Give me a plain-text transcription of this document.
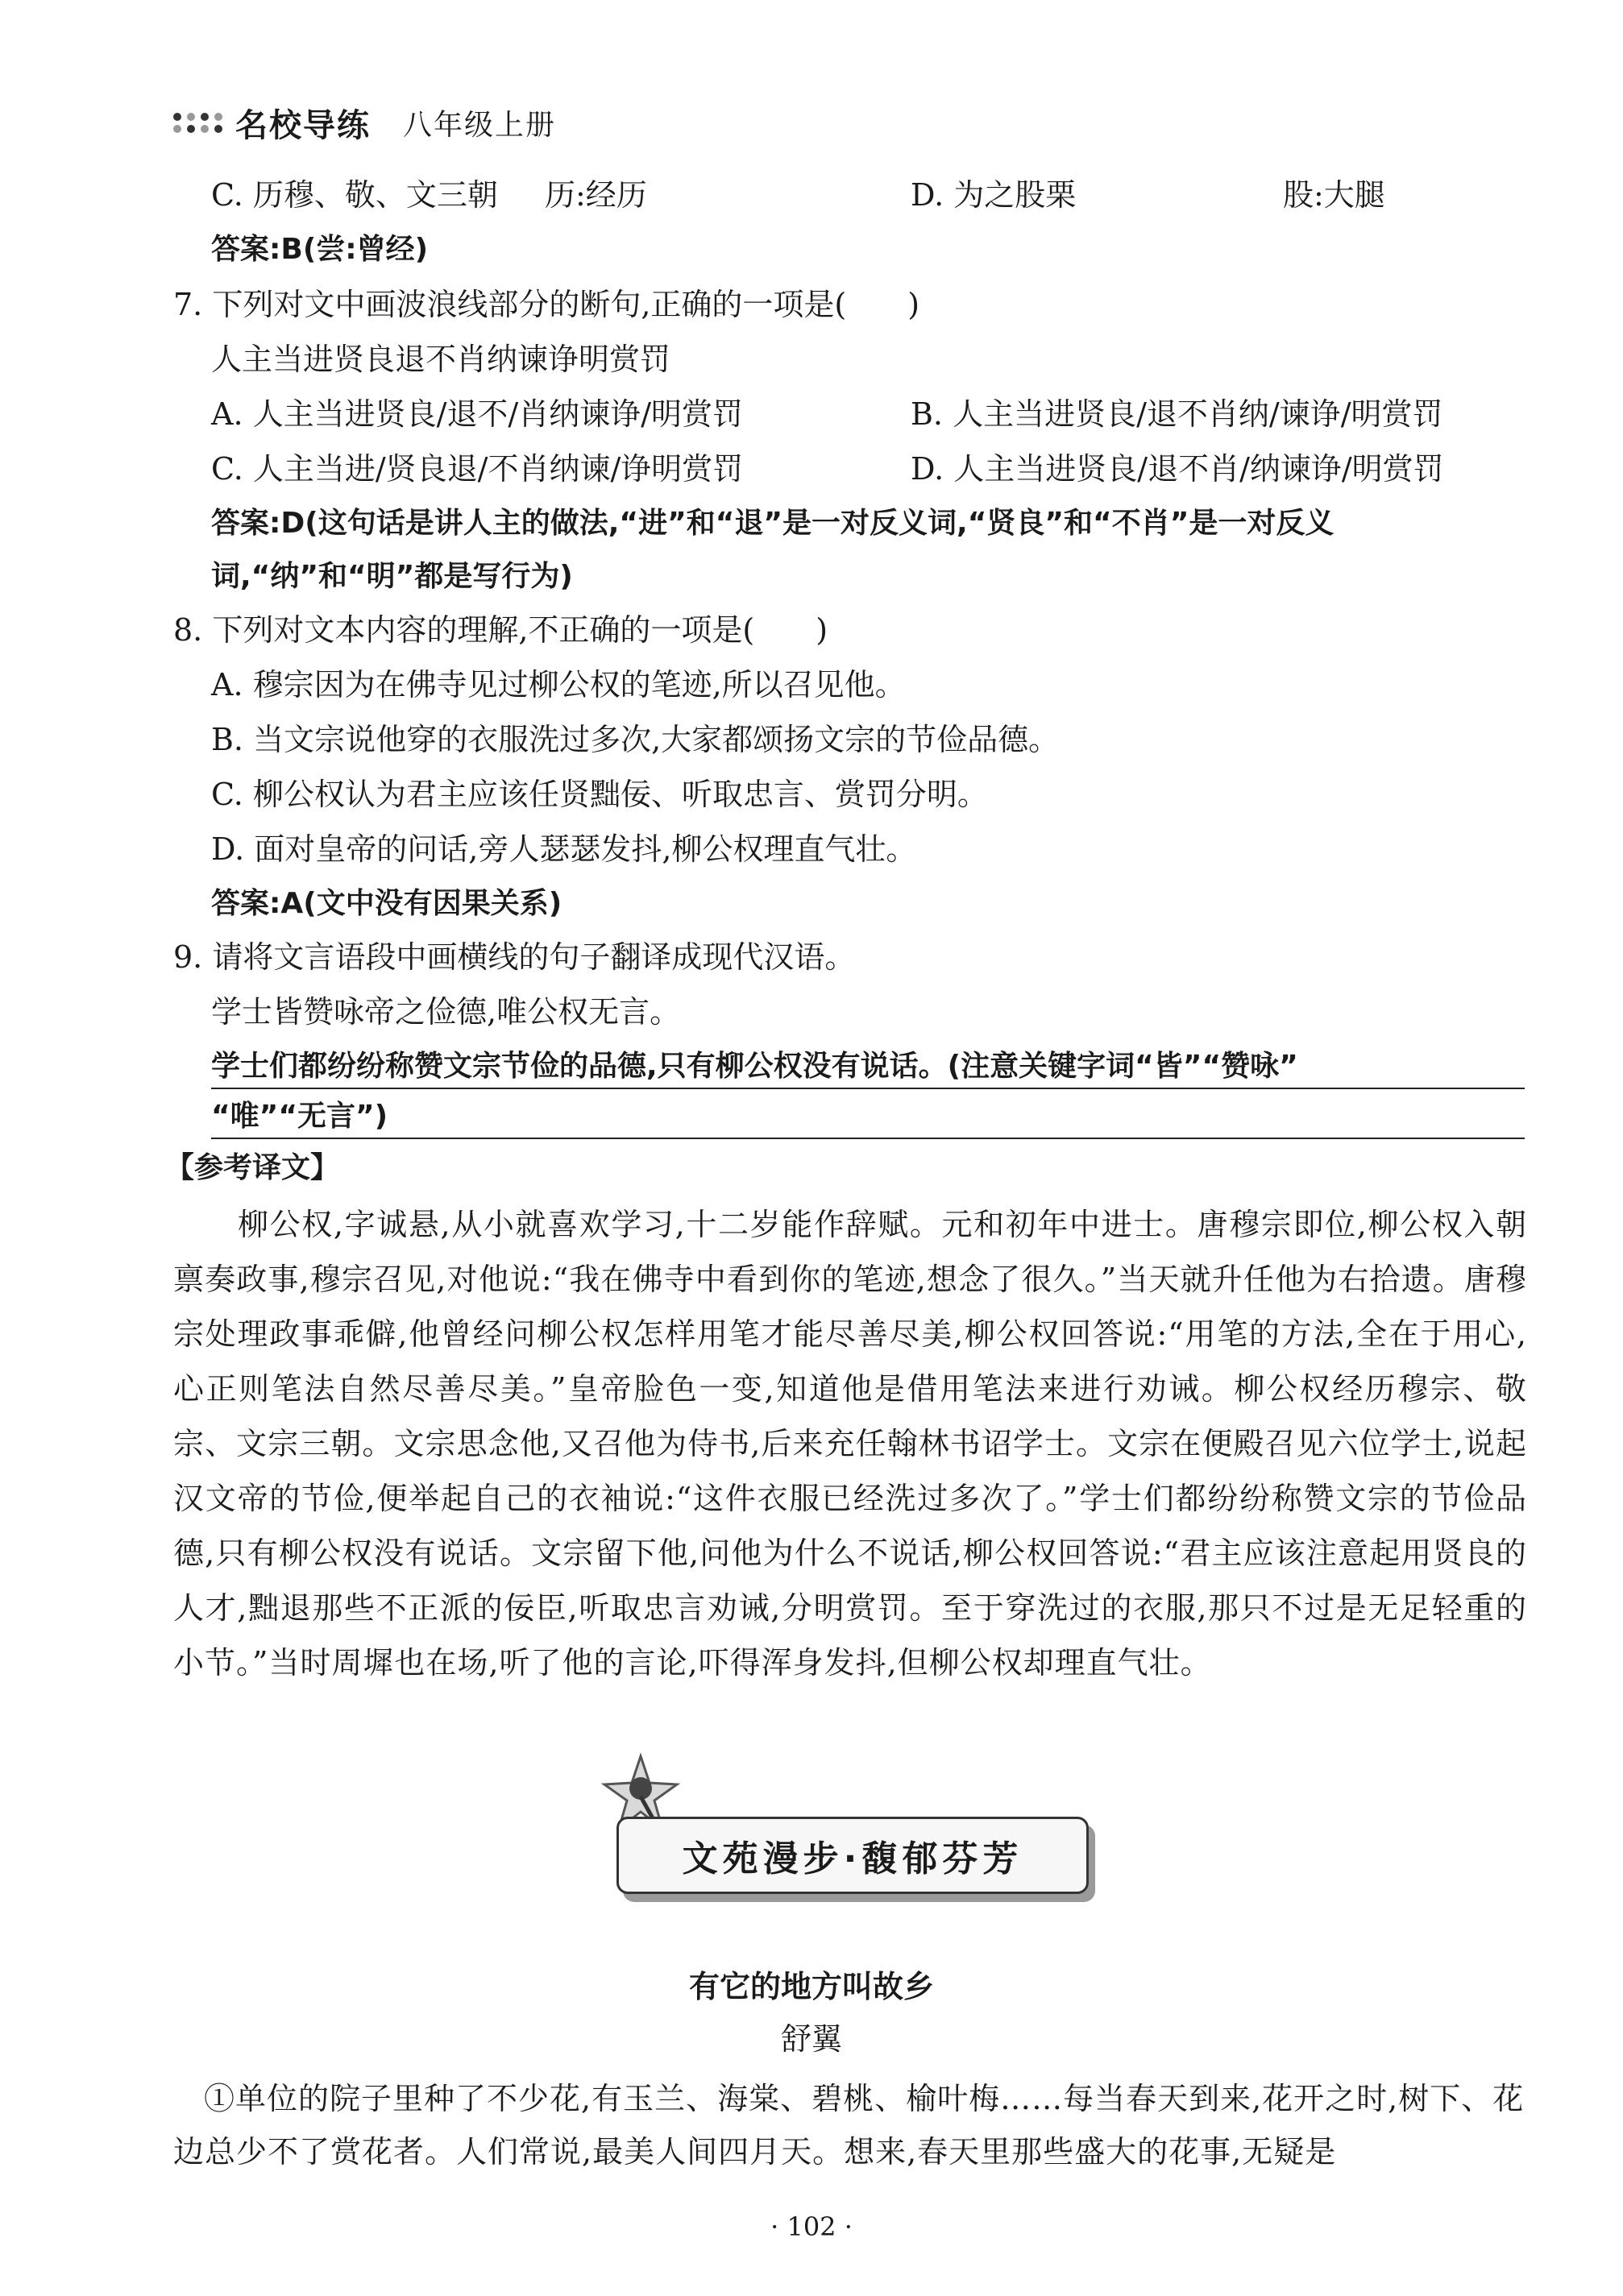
名校导练 八年级上册
C. 历穆、敬、文三朝 历:经历	D. 为之股栗	股:大腿
答案:B(尝:曾经)
7. 下列对文中画波浪线部分的断句,正确的一项是(　　)
人主当进贤良退不肖纳谏诤明赏罚
A. 人主当进贤良/退不/肖纳谏诤/明赏罚	B. 人主当进贤良/退不肖纳/谏诤/明赏罚
C. 人主当进/贤良退/不肖纳谏/诤明赏罚	D. 人主当进贤良/退不肖/纳谏诤/明赏罚
答案:D(这句话是讲人主的做法,“进”和“退”是一对反义词,“贤良”和“不肖”是一对反义
词,“纳”和“明”都是写行为)
8. 下列对文本内容的理解,不正确的一项是(　　)
A. 穆宗因为在佛寺见过柳公权的笔迹,所以召见他。
B. 当文宗说他穿的衣服洗过多次,大家都颂扬文宗的节俭品德。
C. 柳公权认为君主应该任贤黜佞、听取忠言、赏罚分明。
D. 面对皇帝的问话,旁人瑟瑟发抖,柳公权理直气壮。
答案:A(文中没有因果关系)
9. 请将文言语段中画横线的句子翻译成现代汉语。
学士皆赞咏帝之俭德,唯公权无言。
学士们都纷纷称赞文宗节俭的品德,只有柳公权没有说话。(注意关键字词“皆”“赞咏”
“唯”“无言”)
【参考译文】
柳公权,字诚悬,从小就喜欢学习,十二岁能作辞赋。元和初年中进士。唐穆宗即位,柳公权入朝禀奏政事,穆宗召见,对他说:“我在佛寺中看到你的笔迹,想念了很久。”当天就升任他为右拾遗。唐穆宗处理政事乖僻,他曾经问柳公权怎样用笔才能尽善尽美,柳公权回答说:“用笔的方法,全在于用心,心正则笔法自然尽善尽美。”皇帝脸色一变,知道他是借用笔法来进行劝诫。柳公权经历穆宗、敬宗、文宗三朝。文宗思念他,又召他为侍书,后来充任翰林书诏学士。文宗在便殿召见六位学士,说起汉文帝的节俭,便举起自己的衣袖说:“这件衣服已经洗过多次了。”学士们都纷纷称赞文宗的节俭品德,只有柳公权没有说话。文宗留下他,问他为什么不说话,柳公权回答说:“君主应该注意起用贤良的人才,黜退那些不正派的佞臣,听取忠言劝诫,分明赏罚。至于穿洗过的衣服,那只不过是无足轻重的小节。”当时周墀也在场,听了他的言论,吓得浑身发抖,但柳公权却理直气壮。
文苑漫步·馥郁芬芳
有它的地方叫故乡
舒翼
①单位的院子里种了不少花,有玉兰、海棠、碧桃、榆叶梅……每当春天到来,花开之时,树下、花边总少不了赏花者。人们常说,最美人间四月天。想来,春天里那些盛大的花事,无疑是
· 102 ·
